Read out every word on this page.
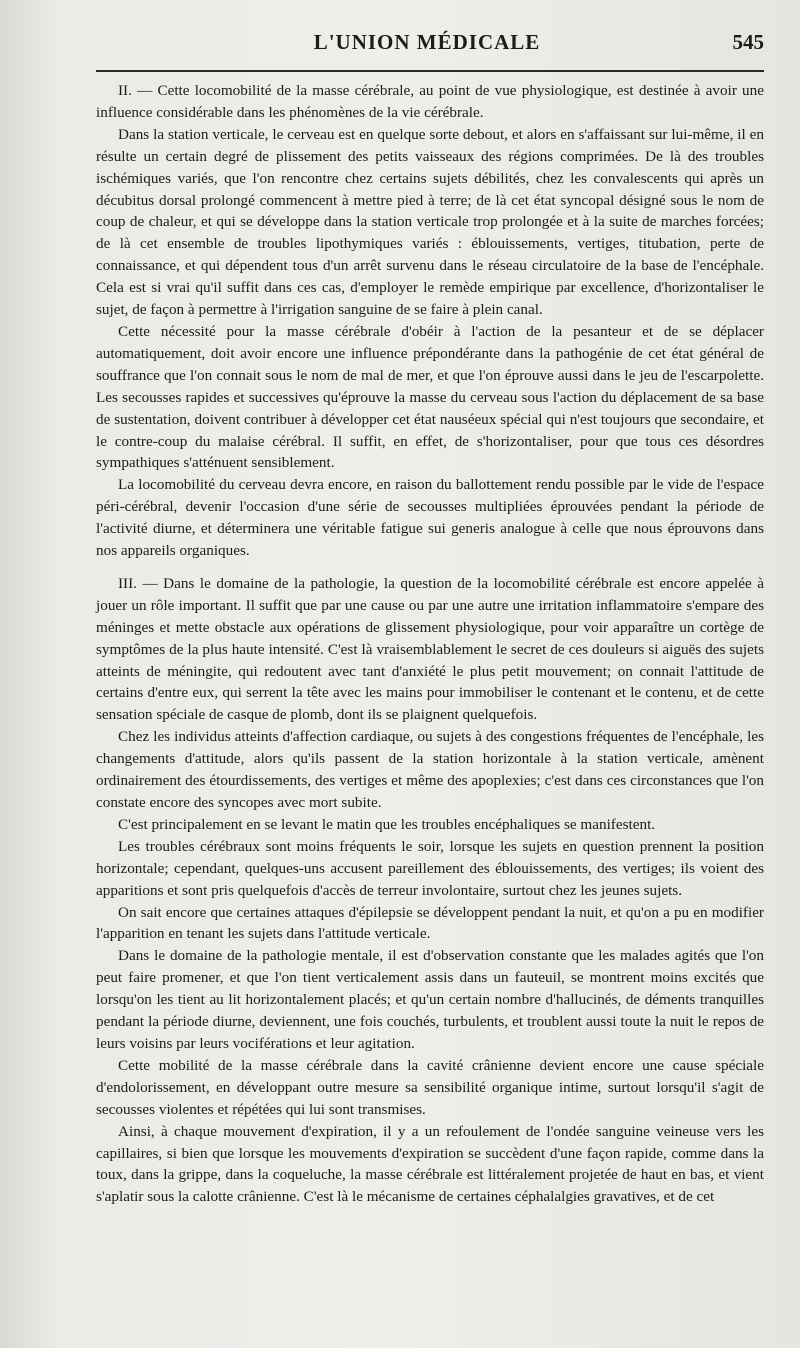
L'UNION MÉDICALE	545

II. — Cette locomobilité de la masse cérébrale, au point de vue physiologique, est destinée à avoir une influence considérable dans les phénomènes de la vie cérébrale.

Dans la station verticale, le cerveau est en quelque sorte debout, et alors en s'affaissant sur lui-même, il en résulte un certain degré de plissement des petits vaisseaux des régions comprimées. De là des troubles ischémiques variés, que l'on rencontre chez certains sujets débilités, chez les convalescents qui après un décubitus dorsal prolongé commencent à mettre pied à terre; de là cet état syncopal désigné sous le nom de coup de chaleur, et qui se développe dans la station verticale trop prolongée et à la suite de marches forcées; de là cet ensemble de troubles lipothymiques variés : éblouissements, vertiges, titubation, perte de connaissance, et qui dépendent tous d'un arrêt survenu dans le réseau circulatoire de la base de l'encéphale. Cela est si vrai qu'il suffit dans ces cas, d'employer le remède empirique par excellence, d'horizontaliser le sujet, de façon à permettre à l'irrigation sanguine de se faire à plein canal.

Cette nécessité pour la masse cérébrale d'obéir à l'action de la pesanteur et de se déplacer automatiquement, doit avoir encore une influence prépondérante dans la pathogénie de cet état général de souffrance que l'on connait sous le nom de mal de mer, et que l'on éprouve aussi dans le jeu de l'escarpolette. Les secousses rapides et successives qu'éprouve la masse du cerveau sous l'action du déplacement de sa base de sustentation, doivent contribuer à développer cet état nauséeux spécial qui n'est toujours que secondaire, et le contre-coup du malaise cérébral. Il suffit, en effet, de s'horizontaliser, pour que tous ces désordres sympathiques s'atténuent sensiblement.

La locomobilité du cerveau devra encore, en raison du ballottement rendu possible par le vide de l'espace péri-cérébral, devenir l'occasion d'une série de secousses multipliées éprouvées pendant la période de l'activité diurne, et déterminera une véritable fatigue sui generis analogue à celle que nous éprouvons dans nos appareils organiques.

III. — Dans le domaine de la pathologie, la question de la locomobilité cérébrale est encore appelée à jouer un rôle important. Il suffit que par une cause ou par une autre une irritation inflammatoire s'empare des méninges et mette obstacle aux opérations de glissement physiologique, pour voir apparaître un cortège de symptômes de la plus haute intensité. C'est là vraisemblablement le secret de ces douleurs si aiguës des sujets atteints de méningite, qui redoutent avec tant d'anxiété le plus petit mouvement; on connait l'attitude de certains d'entre eux, qui serrent la tête avec les mains pour immobiliser le contenant et le contenu, et de cette sensation spéciale de casque de plomb, dont ils se plaignent quelquefois.

Chez les individus atteints d'affection cardiaque, ou sujets à des congestions fréquentes de l'encéphale, les changements d'attitude, alors qu'ils passent de la station horizontale à la station verticale, amènent ordinairement des étourdissements, des vertiges et même des apoplexies; c'est dans ces circonstances que l'on constate encore des syncopes avec mort subite.

C'est principalement en se levant le matin que les troubles encéphaliques se manifestent.

Les troubles cérébraux sont moins fréquents le soir, lorsque les sujets en question prennent la position horizontale; cependant, quelques-uns accusent pareillement des éblouissements, des vertiges; ils voient des apparitions et sont pris quelquefois d'accès de terreur involontaire, surtout chez les jeunes sujets.

On sait encore que certaines attaques d'épilepsie se développent pendant la nuit, et qu'on a pu en modifier l'apparition en tenant les sujets dans l'attitude verticale.

Dans le domaine de la pathologie mentale, il est d'observation constante que les malades agités que l'on peut faire promener, et que l'on tient verticalement assis dans un fauteuil, se montrent moins excités que lorsqu'on les tient au lit horizontalement placés; et qu'un certain nombre d'hallucinés, de déments tranquilles pendant la période diurne, deviennent, une fois couchés, turbulents, et troublent aussi toute la nuit le repos de leurs voisins par leurs vociférations et leur agitation.

Cette mobilité de la masse cérébrale dans la cavité crânienne devient encore une cause spéciale d'endolorissement, en développant outre mesure sa sensibilité organique intime, surtout lorsqu'il s'agit de secousses violentes et répétées qui lui sont transmises.

Ainsi, à chaque mouvement d'expiration, il y a un refoulement de l'ondée sanguine veineuse vers les capillaires, si bien que lorsque les mouvements d'expiration se succèdent d'une façon rapide, comme dans la toux, dans la grippe, dans la coqueluche, la masse cérébrale est littéralement projetée de haut en bas, et vient s'aplatir sous la calotte crânienne. C'est là le mécanisme de certaines céphalalgies gravatives, et de cet
